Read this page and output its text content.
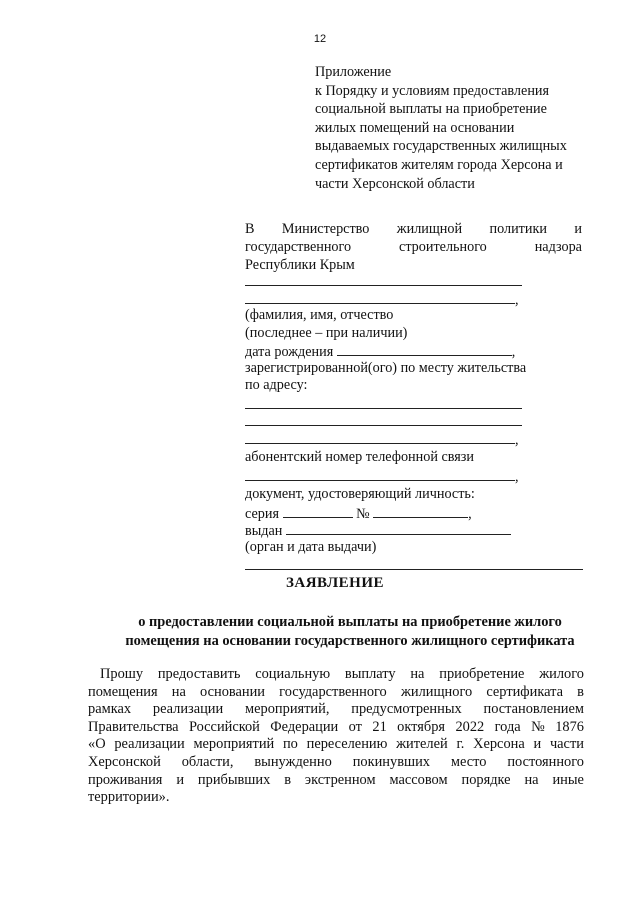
12
Приложение
к Порядку и условиям предоставления
социальной выплаты на приобретение
жилых помещений на основании
выдаваемых государственных жилищных
сертификатов жителям города Херсона и
части Херсонской области
В Министерство жилищной политики и
государственного	строительного	надзора
Республики Крым
,
(фамилия, имя, отчество
(последнее – при наличии)
дата рождения	,
зарегистрированной(ого) по месту жительства
по адресу:
,
абонентский номер телефонной связи
,
документ, удостоверяющий личность:
серия	№	,
выдан
(орган и дата выдачи)
ЗАЯВЛЕНИЕ
о предоставлении социальной выплаты на приобретение жилого
помещения на основании государственного жилищного сертификата
Прошу предоставить социальную выплату на приобретение жилого
помещения на основании государственного жилищного сертификата в
рамках реализации мероприятий, предусмотренных постановлением
Правительства Российской Федерации от 21 октября 2022 года № 1876
«О реализации мероприятий по переселению жителей г. Херсона и части
Херсонской области, вынужденно покинувших место постоянного
проживания и прибывших в экстренном массовом порядке на иные
территории».
